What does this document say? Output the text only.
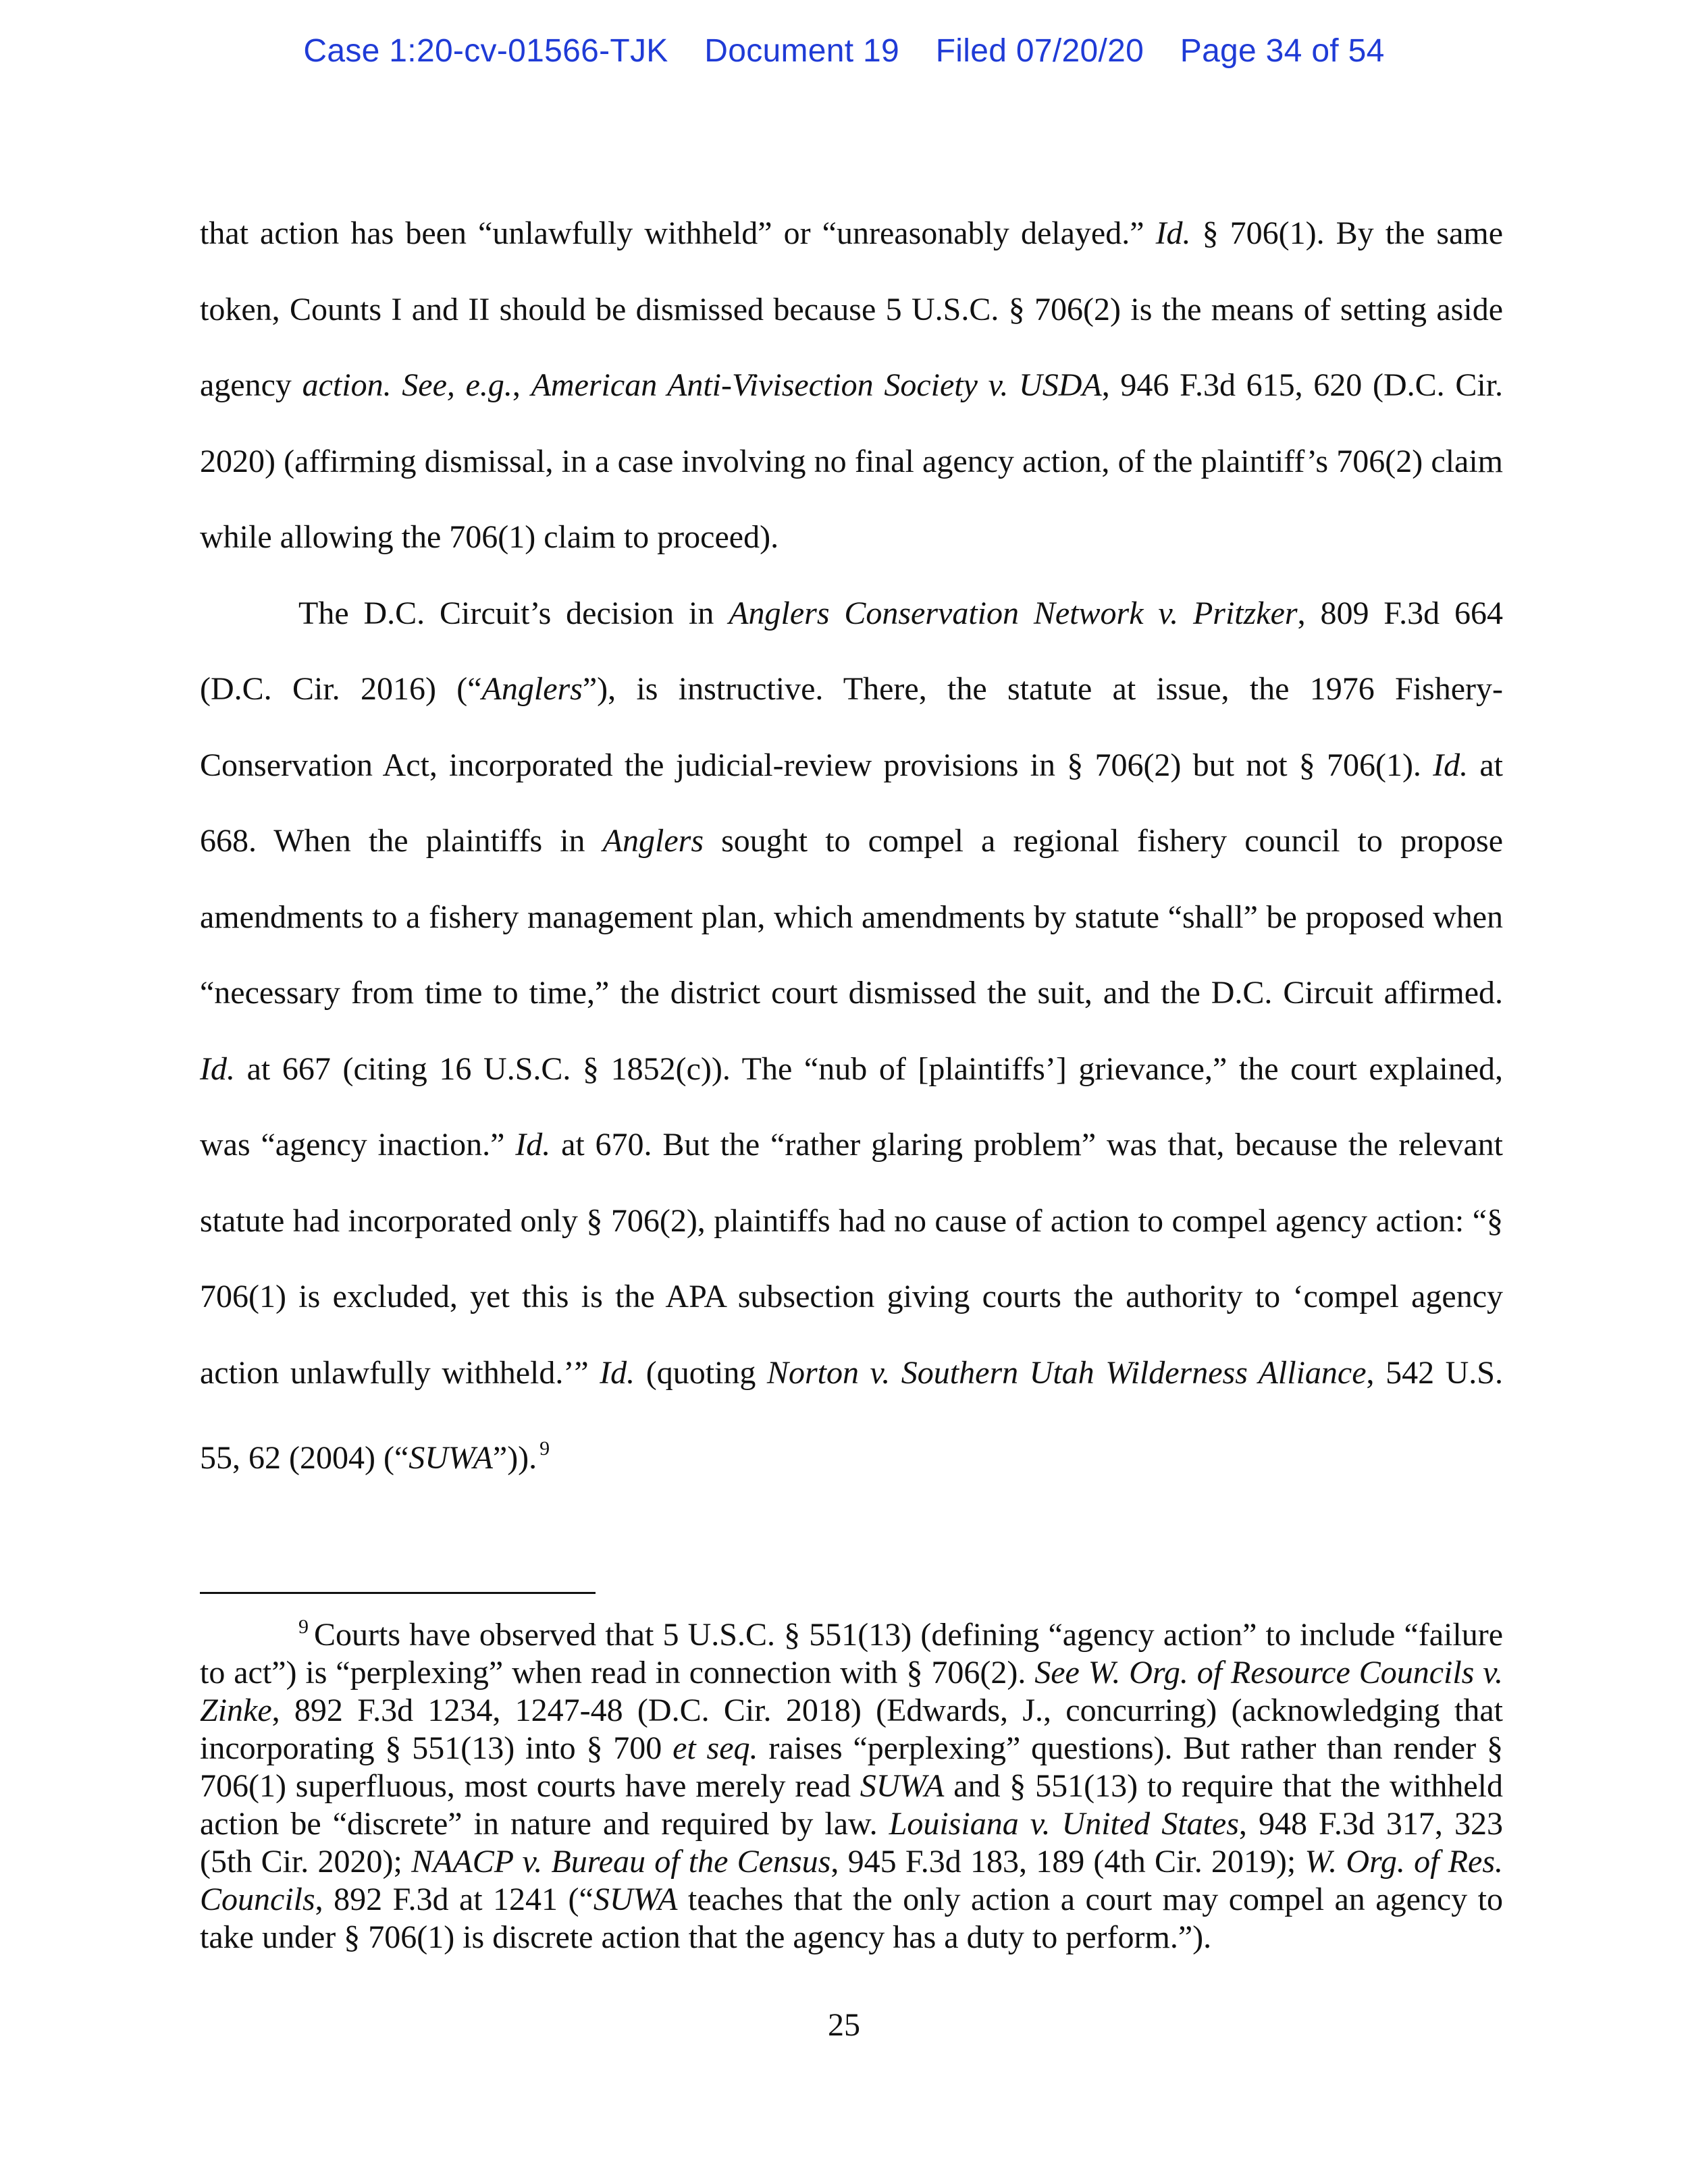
Case 1:20-cv-01566-TJK Document 19 Filed 07/20/20 Page 34 of 54

that action has been “unlawfully withheld” or “unreasonably delayed.” Id. § 706(1). By the same token, Counts I and II should be dismissed because 5 U.S.C. § 706(2) is the means of setting aside agency action. See, e.g., American Anti-Vivisection Society v. USDA, 946 F.3d 615, 620 (D.C. Cir. 2020) (affirming dismissal, in a case involving no final agency action, of the plaintiff’s 706(2) claim while allowing the 706(1) claim to proceed).

The D.C. Circuit’s decision in Anglers Conservation Network v. Pritzker, 809 F.3d 664 (D.C. Cir. 2016) (“Anglers”), is instructive. There, the statute at issue, the 1976 Fishery-Conservation Act, incorporated the judicial-review provisions in § 706(2) but not § 706(1). Id. at 668. When the plaintiffs in Anglers sought to compel a regional fishery council to propose amendments to a fishery management plan, which amendments by statute “shall” be proposed when “necessary from time to time,” the district court dismissed the suit, and the D.C. Circuit affirmed. Id. at 667 (citing 16 U.S.C. § 1852(c)). The “nub of [plaintiffs’] grievance,” the court explained, was “agency inaction.” Id. at 670. But the “rather glaring problem” was that, because the relevant statute had incorporated only § 706(2), plaintiffs had no cause of action to compel agency action: “§ 706(1) is excluded, yet this is the APA subsection giving courts the authority to ‘compel agency action unlawfully withheld.’” Id. (quoting Norton v. Southern Utah Wilderness Alliance, 542 U.S. 55, 62 (2004) (“SUWA”)). $^9$

$^9$ Courts have observed that 5 U.S.C. § 551(13) (defining “agency action” to include “failure to act”) is “perplexing” when read in connection with § 706(2). See W. Org. of Resource Councils v. Zinke, 892 F.3d 1234, 1247-48 (D.C. Cir. 2018) (Edwards, J., concurring) (acknowledging that incorporating § 551(13) into § 700 et seq. raises “perplexing” questions). But rather than render § 706(1) superfluous, most courts have merely read SUWA and § 551(13) to require that the withheld action be “discrete” in nature and required by law. Louisiana v. United States, 948 F.3d 317, 323 (5th Cir. 2020); NAACP v. Bureau of the Census, 945 F.3d 183, 189 (4th Cir. 2019); W. Org. of Res. Councils, 892 F.3d at 1241 (“SUWA teaches that the only action a court may compel an agency to take under § 706(1) is discrete action that the agency has a duty to perform.”).
25
